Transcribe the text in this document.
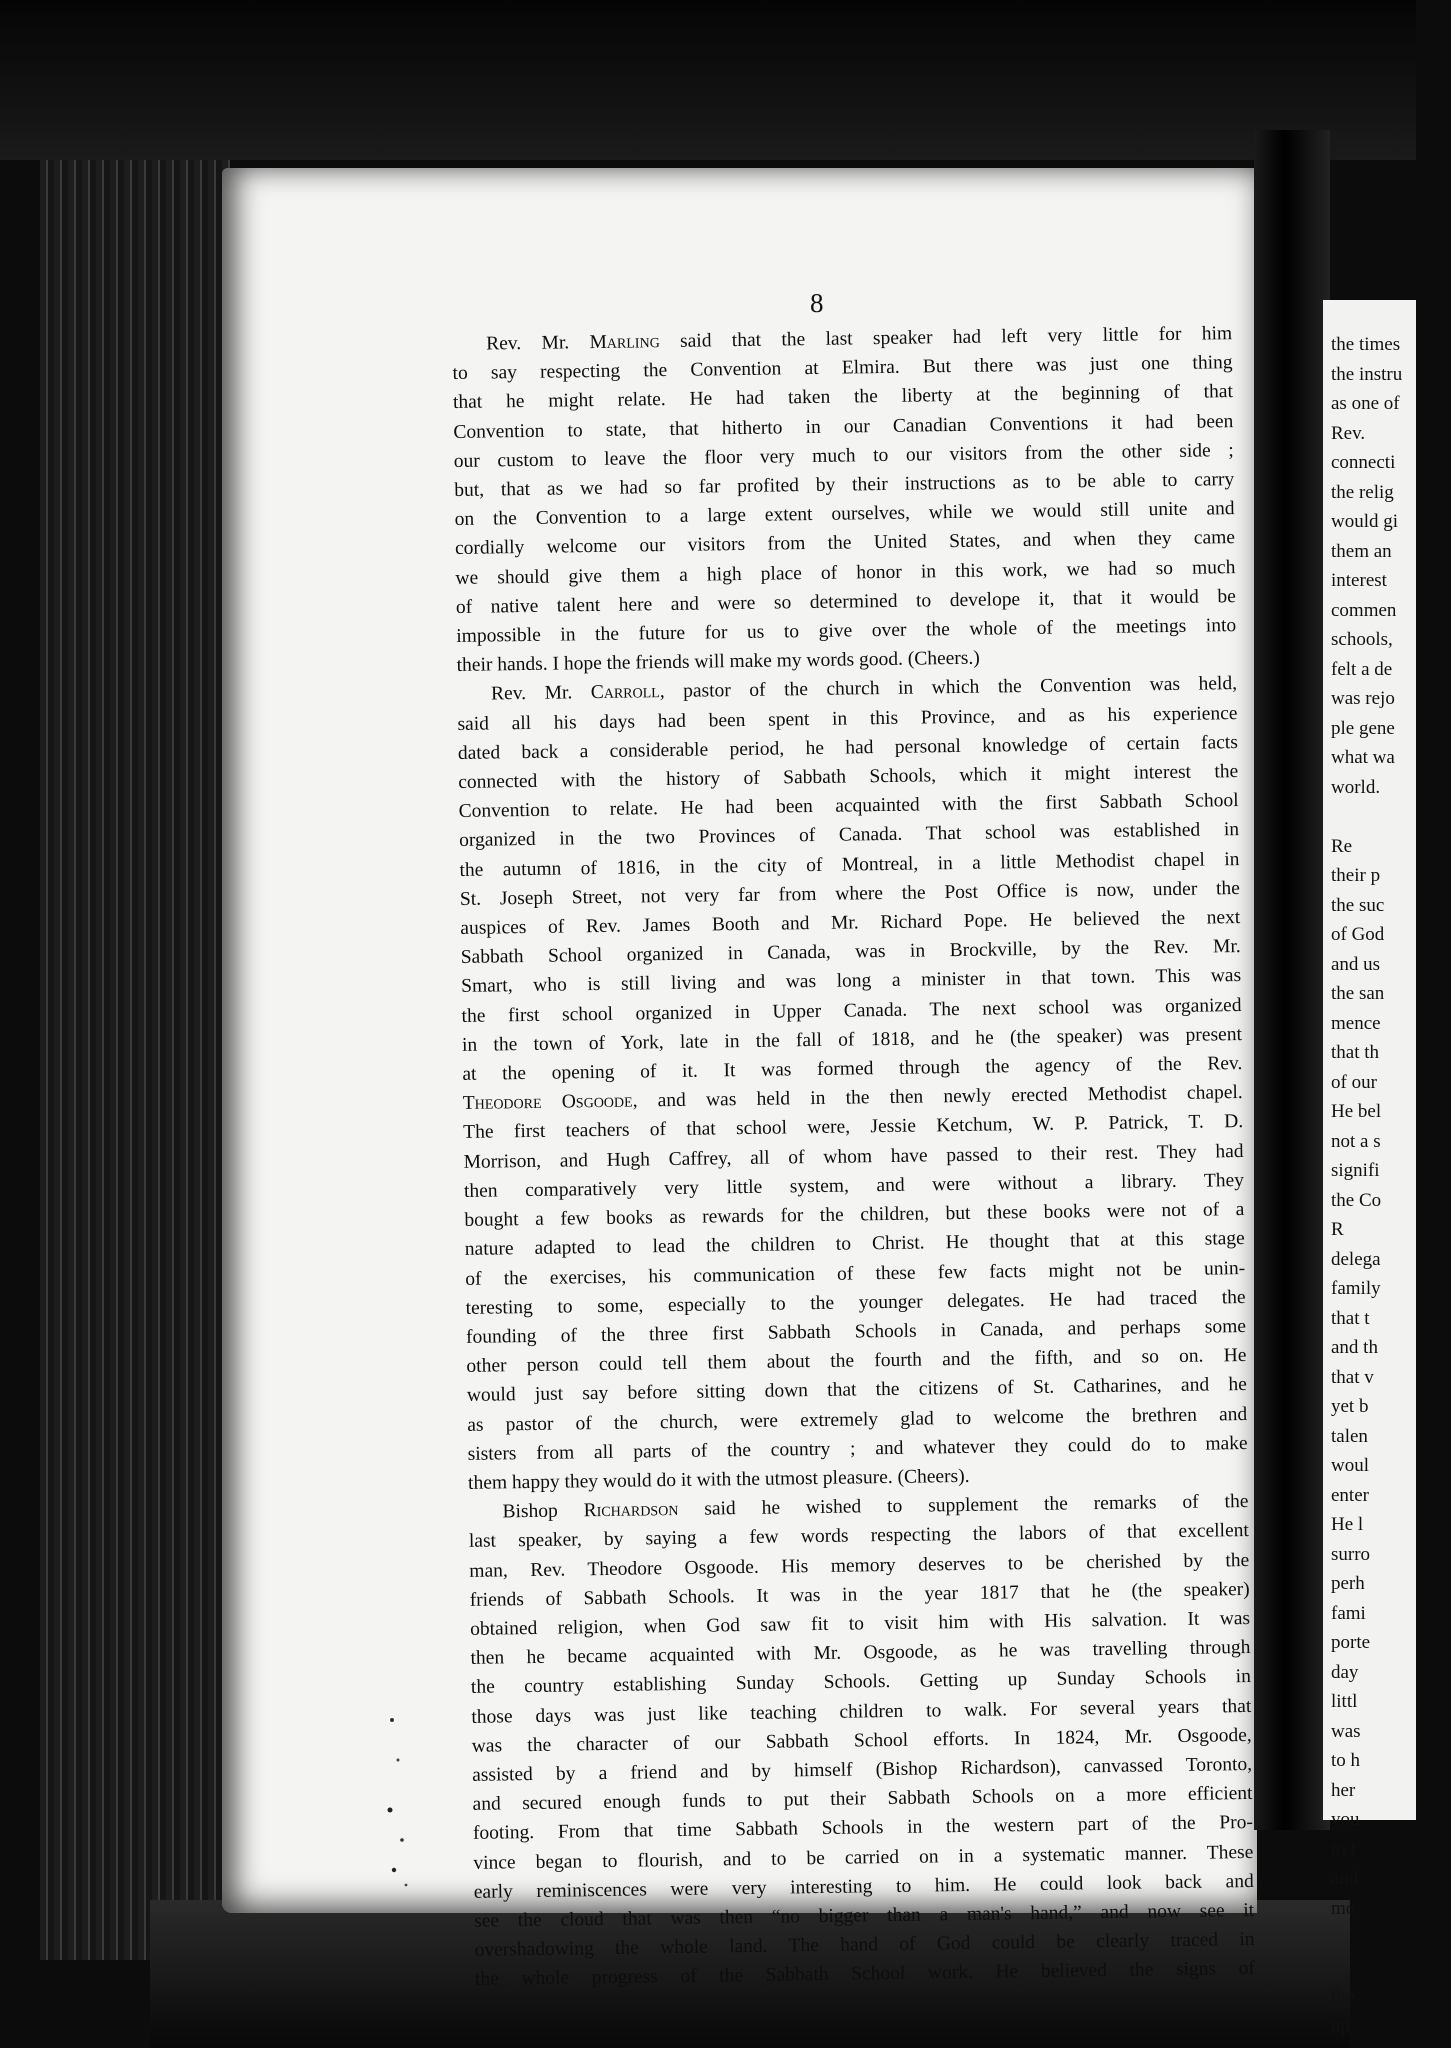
the times
the instru
as one of
Rev.
connecti
the relig
would gi
them an
interest
commen
schools,
felt a de
was rejo
ple gene
what wa
world.

Re
their p
the suc
of God
and us
the san
mence
that th
of our
He bel
not a s
signifi
the Co
R
delega
family
that t
and th
that v
yet b
talen
woul
enter
He l
surro
perh
fami
porte
day
littl
was
to h
her
you
to t
and
mo

the
up
8
Rev. Mr. Marling said that the last speaker had left very little for him
to say respecting the Convention at Elmira. But there was just one thing
that he might relate. He had taken the liberty at the beginning of that
Convention to state, that hitherto in our Canadian Conventions it had been
our custom to leave the floor very much to our visitors from the other side ;
but, that as we had so far profited by their instructions as to be able to carry
on the Convention to a large extent ourselves, while we would still unite and
cordially welcome our visitors from the United States, and when they came
we should give them a high place of honor in this work, we had so much
of native talent here and were so determined to develope it, that it would be
impossible in the future for us to give over the whole of the meetings into
their hands. I hope the friends will make my words good. (Cheers.)
Rev. Mr. Carroll, pastor of the church in which the Convention was held,
said all his days had been spent in this Province, and as his experience
dated back a considerable period, he had personal knowledge of certain facts
connected with the history of Sabbath Schools, which it might interest the
Convention to relate. He had been acquainted with the first Sabbath School
organized in the two Provinces of Canada. That school was established in
the autumn of 1816, in the city of Montreal, in a little Methodist chapel in
St. Joseph Street, not very far from where the Post Office is now, under the
auspices of Rev. James Booth and Mr. Richard Pope. He believed the next
Sabbath School organized in Canada, was in Brockville, by the Rev. Mr.
Smart, who is still living and was long a minister in that town. This was
the first school organized in Upper Canada. The next school was organized
in the town of York, late in the fall of 1818, and he (the speaker) was present
at the opening of it. It was formed through the agency of the Rev.
Theodore Osgoode, and was held in the then newly erected Methodist chapel.
The first teachers of that school were, Jessie Ketchum, W. P. Patrick, T. D.
Morrison, and Hugh Caffrey, all of whom have passed to their rest. They had
then comparatively very little system, and were without a library. They
bought a few books as rewards for the children, but these books were not of a
nature adapted to lead the children to Christ. He thought that at this stage
of the exercises, his communication of these few facts might not be unin-
teresting to some, especially to the younger delegates. He had traced the
founding of the three first Sabbath Schools in Canada, and perhaps some
other person could tell them about the fourth and the fifth, and so on. He
would just say before sitting down that the citizens of St. Catharines, and he
as pastor of the church, were extremely glad to welcome the brethren and
sisters from all parts of the country ; and whatever they could do to make
them happy they would do it with the utmost pleasure. (Cheers).
Bishop Richardson said he wished to supplement the remarks of the
last speaker, by saying a few words respecting the labors of that excellent
man, Rev. Theodore Osgoode. His memory deserves to be cherished by the
friends of Sabbath Schools. It was in the year 1817 that he (the speaker)
obtained religion, when God saw fit to visit him with His salvation. It was
then he became acquainted with Mr. Osgoode, as he was travelling through
the country establishing Sunday Schools. Getting up Sunday Schools in
those days was just like teaching children to walk. For several years that
was the character of our Sabbath School efforts. In 1824, Mr. Osgoode,
assisted by a friend and by himself (Bishop Richardson), canvassed Toronto,
and secured enough funds to put their Sabbath Schools on a more efficient
footing. From that time Sabbath Schools in the western part of the Pro-
vince began to flourish, and to be carried on in a systematic manner. These
early reminiscences were very interesting to him. He could look back and
see the cloud that was then “no bigger than a man's hand,” and now see it
overshadowing the whole land. The hand of God could be clearly traced in
the whole progress of the Sabbath School work. He believed the signs of
